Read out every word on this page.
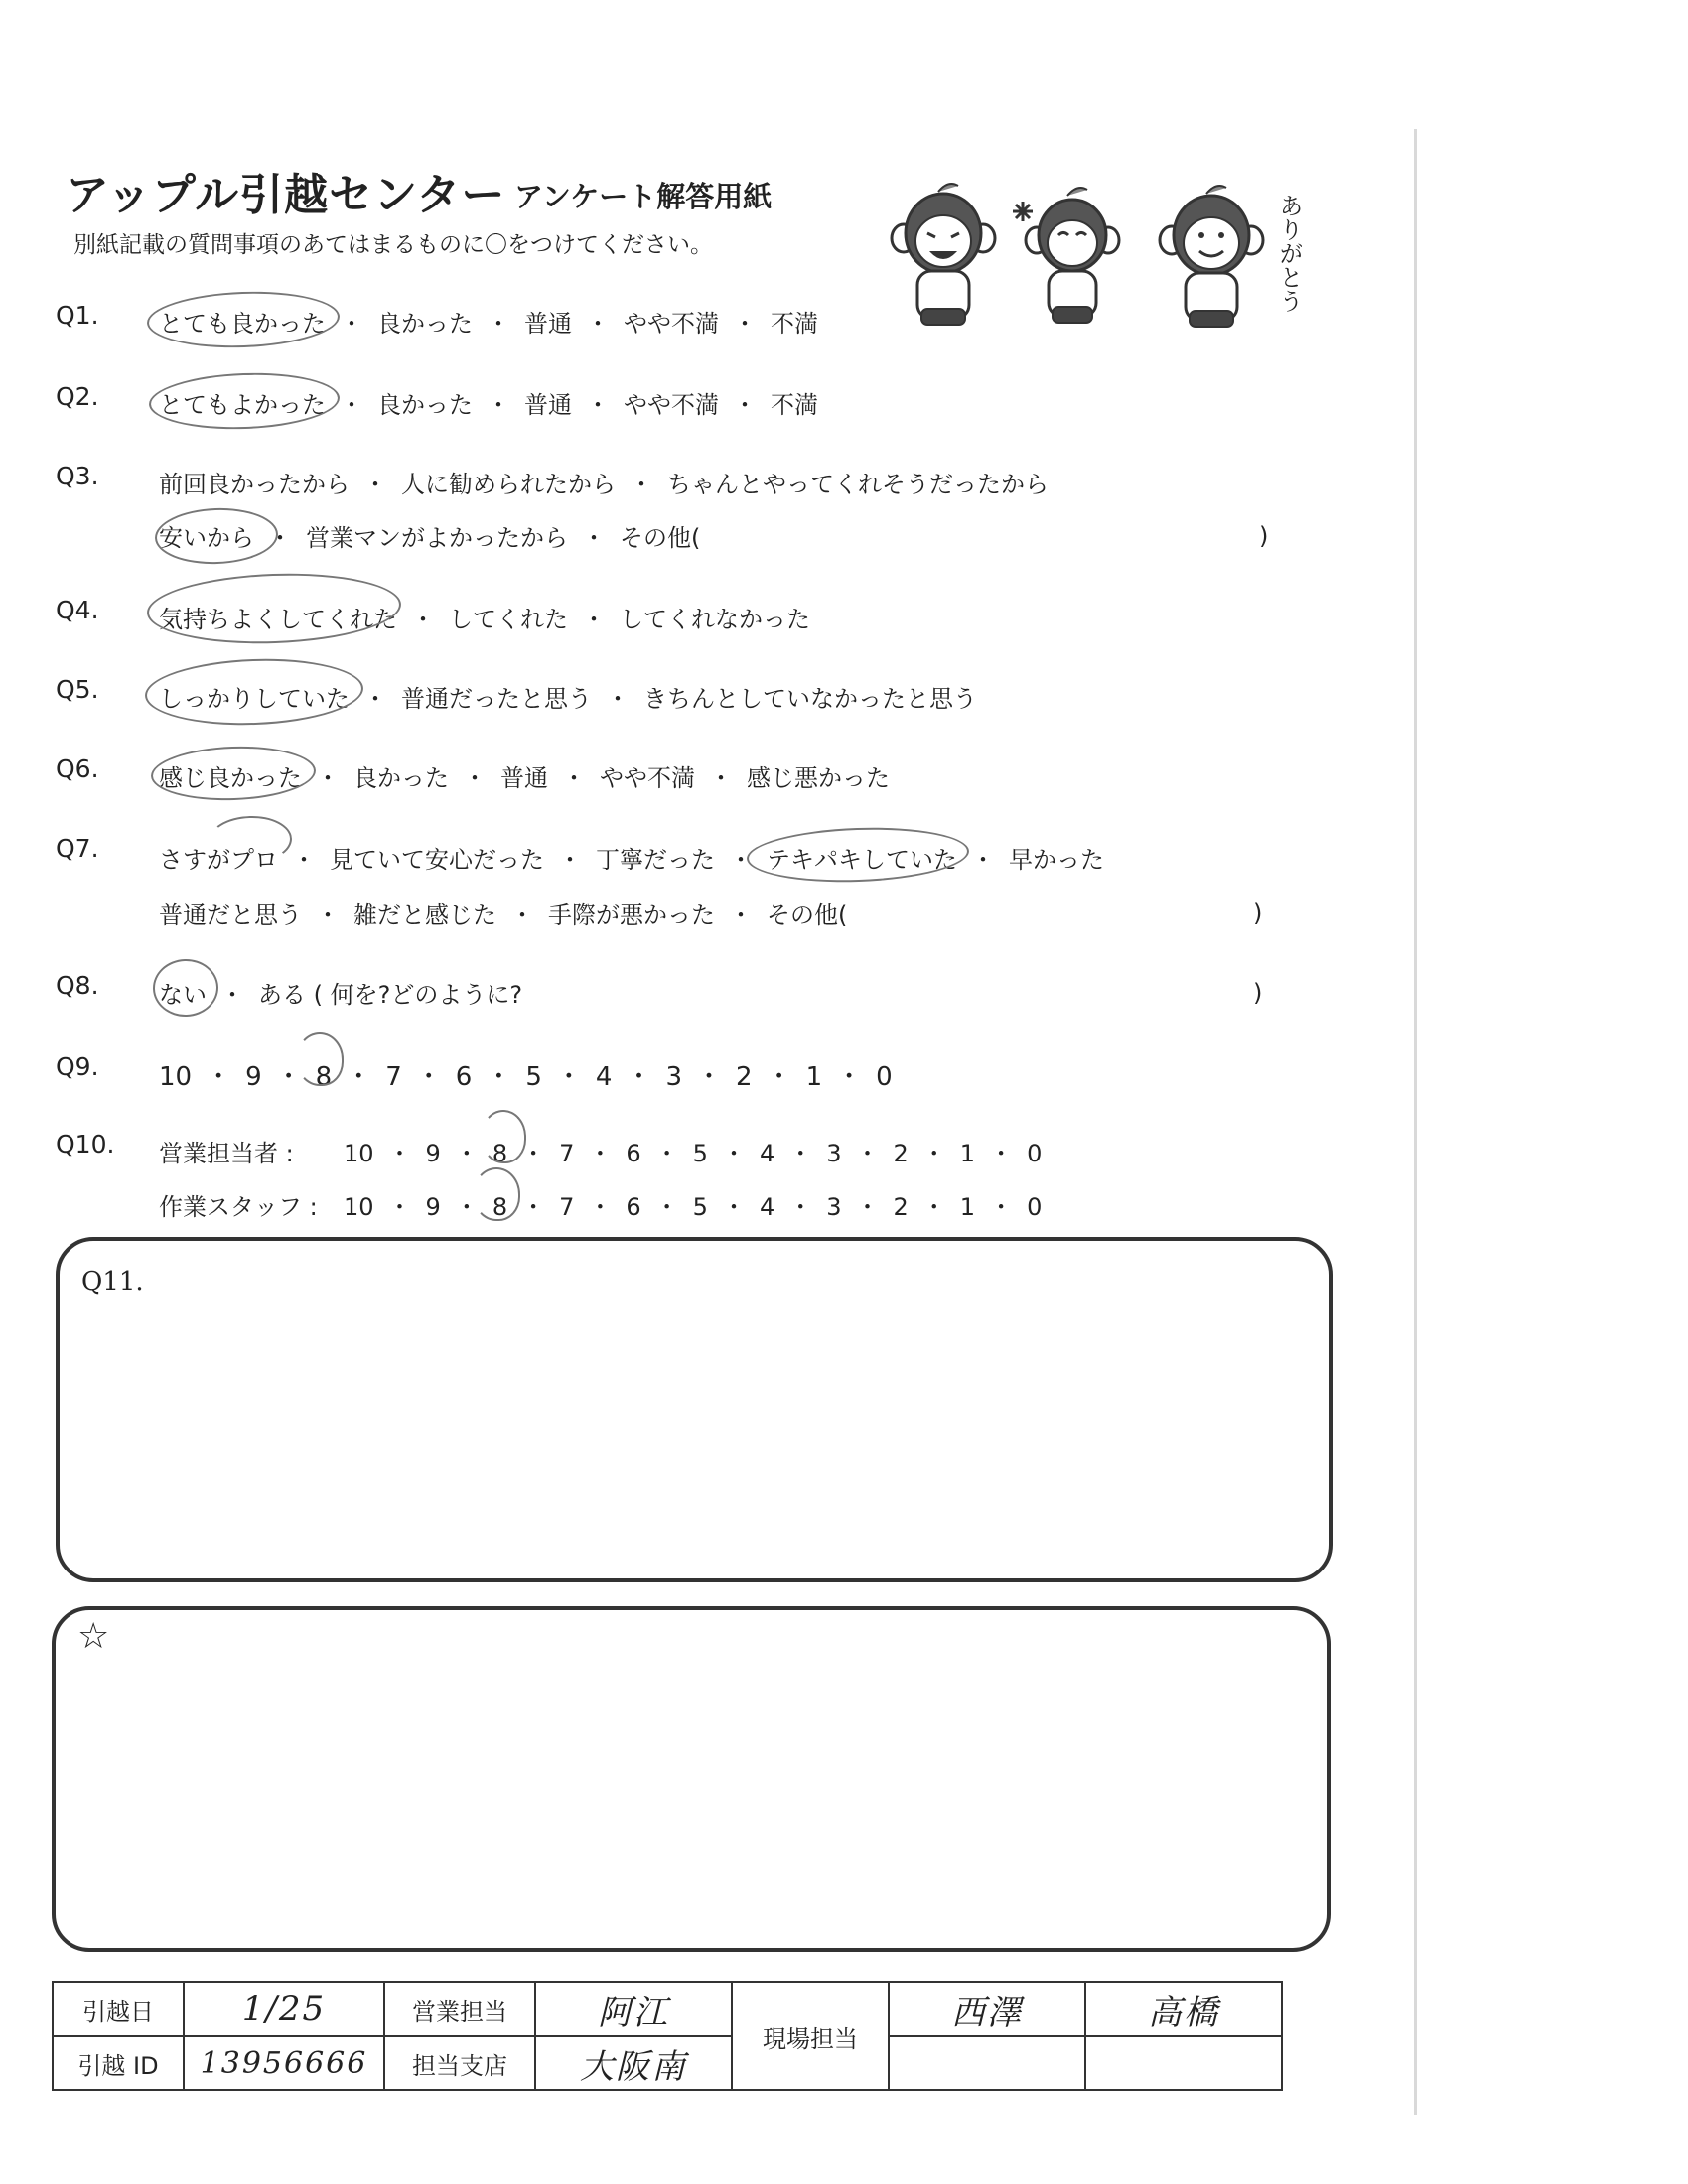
アップル引越センター アンケート解答用紙
別紙記載の質問事項のあてはまるものに〇をつけてください。	ありがとう
Q1.	とても良かった ・ 良かった ・ 普通 ・ やや不満 ・ 不満
Q2.	とてもよかった ・ 良かった ・ 普通 ・ やや不満 ・ 不満
Q3.	前回良かったから ・ 人に勧められたから ・ ちゃんとやってくれそうだったから
安いから ・ 営業マンがよかったから ・ その他(	)
Q4.	気持ちよくしてくれた ・ してくれた ・ してくれなかった
Q5.	しっかりしていた ・ 普通だったと思う ・ きちんとしていなかったと思う
Q6.	感じ良かった ・ 良かった ・ 普通 ・ やや不満 ・ 感じ悪かった
Q7.	さすがプロ ・ 見ていて安心だった ・ 丁寧だった ・ テキパキしていた ・ 早かった
普通だと思う ・ 雑だと感じた ・ 手際が悪かった ・ その他(	)
Q8.	ない ・ ある ( 何を?どのように?	)
Q9. 10 ・ 9 ・ 8 ・ 7 ・ 6 ・ 5 ・ 4 ・ 3 ・ 2 ・ 1 ・ 0
Q10. 営業担当者 : 10 ・ 9 ・ 8 ・ 7 ・ 6 ・ 5 ・ 4 ・ 3 ・ 2 ・ 1 ・ 0
作業スタッフ : 10 ・ 9 ・ 8 ・ 7 ・ 6 ・ 5 ・ 4 ・ 3 ・ 2 ・ 1 ・ 0
Q11.
☆
引越日	1/25	営業担当	阿江	現場担当	西澤	高橋
引越 ID	13956666	担当支店	大阪南			
